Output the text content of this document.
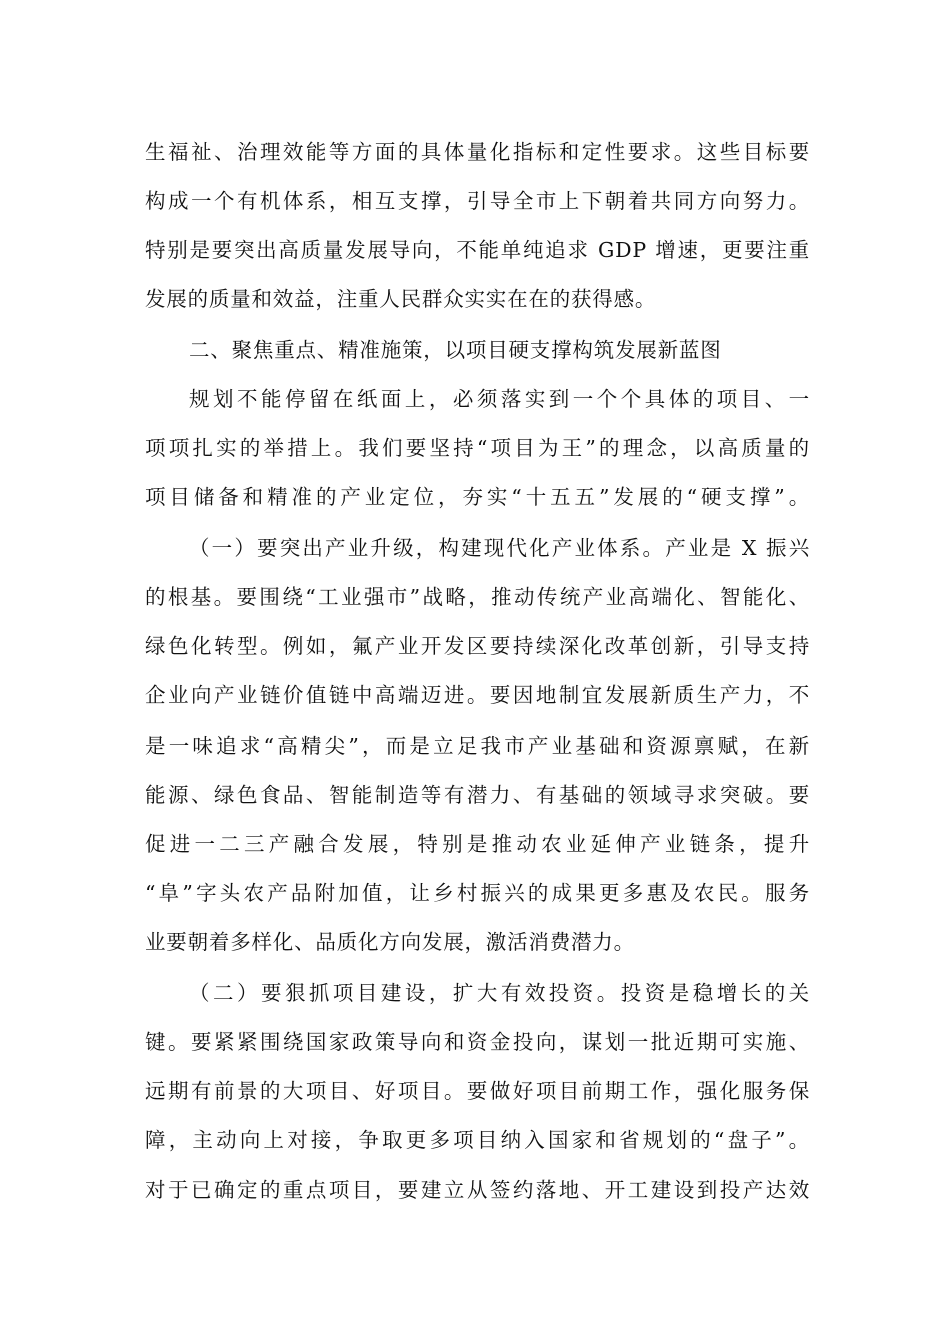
生福祉、治理效能等方面的具体量化指标和定性要求。这些目标要
构成一个有机体系，相互支撑，引导全市上下朝着共同方向努力。
特别是要突出高质量发展导向，不能单纯追求 GDP 增速，更要注重
发展的质量和效益，注重人民群众实实在在的获得感。
二、聚焦重点、精准施策，以项目硬支撑构筑发展新蓝图
规划不能停留在纸面上，必须落实到一个个具体的项目、一
项项扎实的举措上。我们要坚持“项目为王”的理念，以高质量的
项目储备和精准的产业定位，夯实“十五五”发展的“硬支撑”。
（一）要突出产业升级，构建现代化产业体系。产业是 X 振兴
的根基。要围绕“工业强市”战略，推动传统产业高端化、智能化、
绿色化转型。例如，氟产业开发区要持续深化改革创新，引导支持
企业向产业链价值链中高端迈进。要因地制宜发展新质生产力，不
是一味追求“高精尖”，而是立足我市产业基础和资源禀赋，在新
能源、绿色食品、智能制造等有潜力、有基础的领域寻求突破。要
促进一二三产融合发展，特别是推动农业延伸产业链条，提升
“阜”字头农产品附加值，让乡村振兴的成果更多惠及农民。服务
业要朝着多样化、品质化方向发展，激活消费潜力。
（二）要狠抓项目建设，扩大有效投资。投资是稳增长的关
键。要紧紧围绕国家政策导向和资金投向，谋划一批近期可实施、
远期有前景的大项目、好项目。要做好项目前期工作，强化服务保
障，主动向上对接，争取更多项目纳入国家和省规划的“盘子”。
对于已确定的重点项目，要建立从签约落地、开工建设到投产达效
